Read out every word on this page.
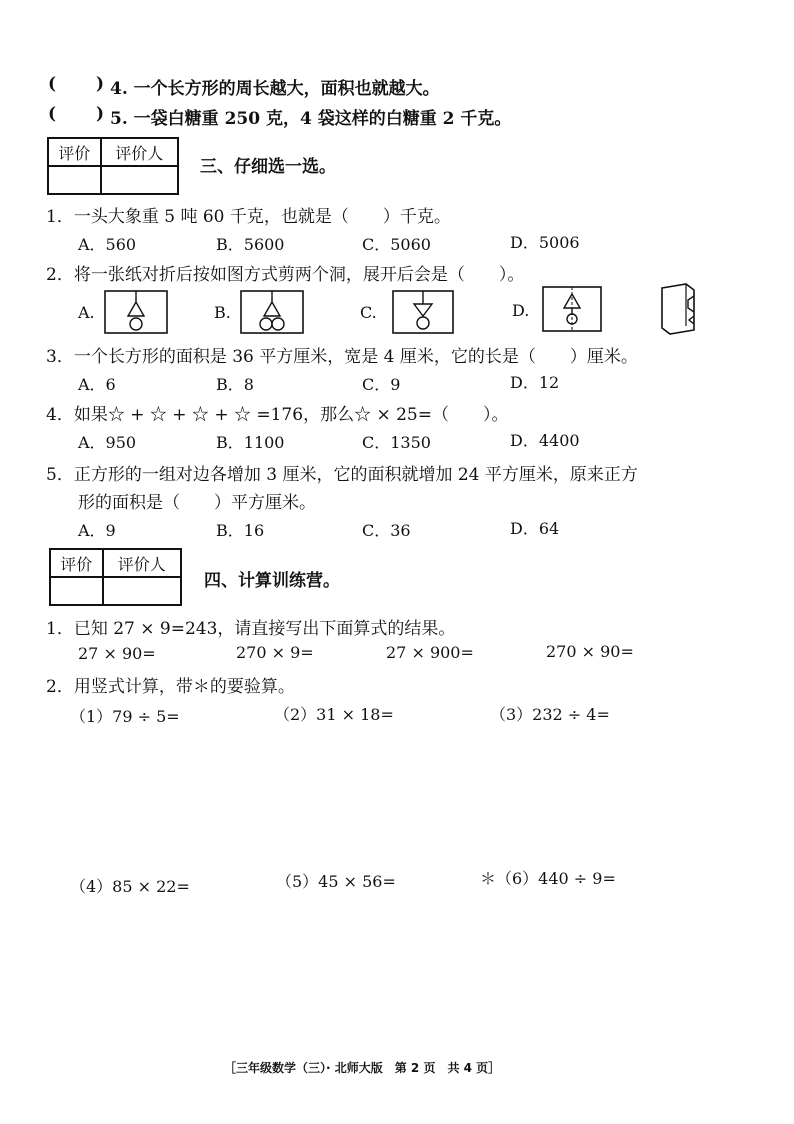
( ) 4. 一个长方形的周长越大，面积也就越大。
( ) 5. 一袋白糖重 250 克，4 袋这样的白糖重 2 千克。
评价	评价人

三、仔细选一选。
1．一头大象重 5 吨 60 千克，也就是（　　）千克。
A．560	B．5600	C．5060	D．5006
2．将一张纸对折后按如图方式剪两个洞，展开后会是（　　）。
A.	B.	C.	D.
3．一个长方形的面积是 36 平方厘米，宽是 4 厘米，它的长是（　　）厘米。
A．6	B．8	C．9	D．12
4．如果☆ + ☆ + ☆ + ☆ =176，那么☆ × 25=（　　）。
A．950	B．1100	C．1350	D．4400
5．正方形的一组对边各增加 3 厘米，它的面积就增加 24 平方厘米，原来正方
形的面积是（　　）平方厘米。
A．9	B．16	C．36	D．64
评价	评价人

四、计算训练营。
1．已知 27 × 9=243，请直接写出下面算式的结果。
27 × 90=	270 × 9=	27 × 900=	270 × 90=
2．用竖式计算，带＊的要验算。
（1）79 ÷ 5=	（2）31 × 18=	（3）232 ÷ 4=
（4）85 × 22=	（5）45 × 56=	＊（6）440 ÷ 9=
［三年级数学（三）· 北师大版　第 2 页　共 4 页］
